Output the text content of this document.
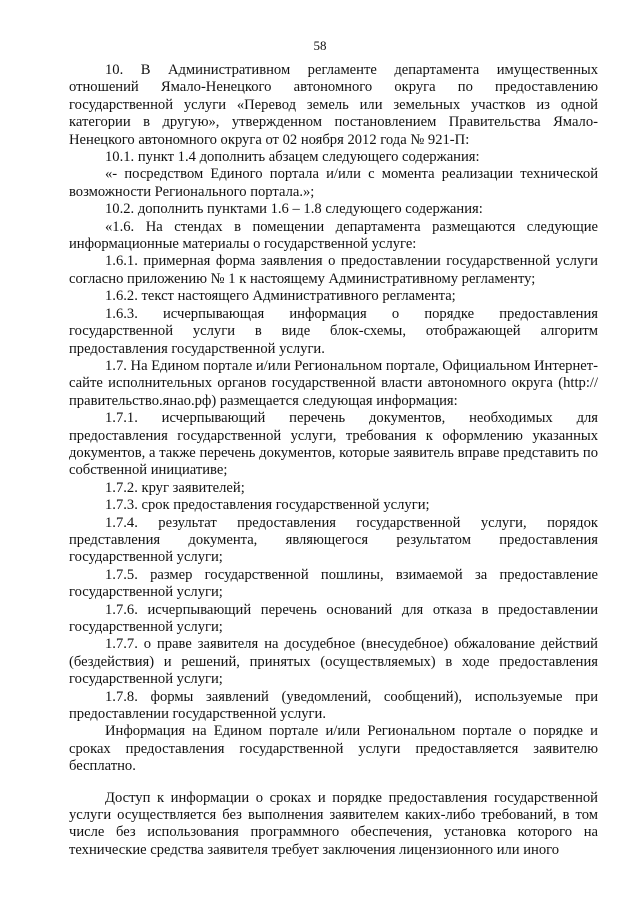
58

10. В Административном регламенте департамента имущественных отношений Ямало-Ненецкого автономного округа по предоставлению государственной услуги «Перевод земель или земельных участков из одной категории в другую», утвержденном постановлением Правительства Ямало-Ненецкого автономного округа от 02 ноября 2012 года № 921-П:

10.1. пункт 1.4 дополнить абзацем следующего содержания:

«- посредством Единого портала и/или с момента реализации технической возможности Регионального портала.»;

10.2. дополнить пунктами 1.6 – 1.8 следующего содержания:

«1.6. На стендах в помещении департамента размещаются следующие информационные материалы о государственной услуге:

1.6.1. примерная форма заявления о предоставлении государственной услуги согласно приложению № 1 к настоящему Административному регламенту;

1.6.2. текст настоящего Административного регламента;

1.6.3. исчерпывающая информация о порядке предоставления государственной услуги в виде блок-схемы, отображающей алгоритм предоставления государственной услуги.

1.7. На Едином портале и/или Региональном портале, Официальном Интернет-сайте исполнительных органов государственной власти автономного округа (http://правительство.янао.рф) размещается следующая информация:

1.7.1. исчерпывающий перечень документов, необходимых для предоставления государственной услуги, требования к оформлению указанных документов, а также перечень документов, которые заявитель вправе представить по собственной инициативе;

1.7.2. круг заявителей;

1.7.3. срок предоставления государственной услуги;

1.7.4. результат предоставления государственной услуги, порядок представления документа, являющегося результатом предоставления государственной услуги;

1.7.5. размер государственной пошлины, взимаемой за предоставление государственной услуги;

1.7.6. исчерпывающий перечень оснований для отказа в предоставлении государственной услуги;

1.7.7. о праве заявителя на досудебное (внесудебное) обжалование действий (бездействия) и решений, принятых (осуществляемых) в ходе предоставления государственной услуги;

1.7.8. формы заявлений (уведомлений, сообщений), используемые при предоставлении государственной услуги.

Информация на Едином портале и/или Региональном портале о порядке и сроках предоставления государственной услуги предоставляется заявителю бесплатно.

Доступ к информации о сроках и порядке предоставления государственной услуги осуществляется без выполнения заявителем каких-либо требований, в том числе без использования программного обеспечения, установка которого на технические средства заявителя требует заключения лицензионного или иного
